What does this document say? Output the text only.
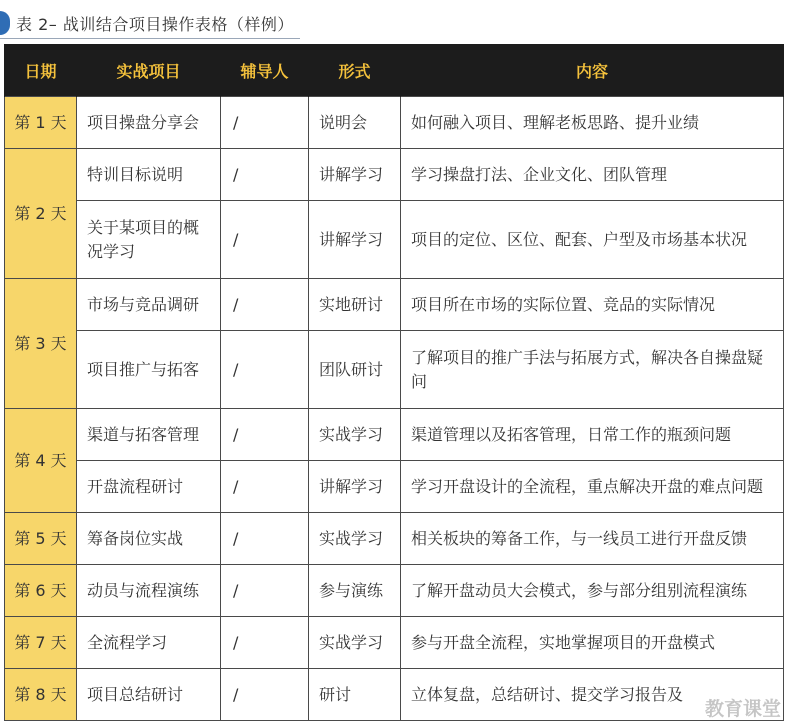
表 2– 战训结合项目操作表格（样例）
日期	实战项目	辅导人	形式	内容
第 1 天	项目操盘分享会	/	说明会	如何融入项目、理解老板思路、提升业绩
第 2 天	特训目标说明	/	讲解学习	学习操盘打法、企业文化、团队管理
	关于某项目的概况学习	/	讲解学习	项目的定位、区位、配套、户型及市场基本状况
第 3 天	市场与竞品调研	/	实地研讨	项目所在市场的实际位置、竞品的实际情况
	项目推广与拓客	/	团队研讨	了解项目的推广手法与拓展方式，解决各自操盘疑问
第 4 天	渠道与拓客管理	/	实战学习	渠道管理以及拓客管理，日常工作的瓶颈问题
	开盘流程研讨	/	讲解学习	学习开盘设计的全流程，重点解决开盘的难点问题
第 5 天	筹备岗位实战	/	实战学习	相关板块的筹备工作，与一线员工进行开盘反馈
第 6 天	动员与流程演练	/	参与演练	了解开盘动员大会模式，参与部分组别流程演练
第 7 天	全流程学习	/	实战学习	参与开盘全流程，实地掌握项目的开盘模式
第 8 天	项目总结研讨	/	研讨	立体复盘，总结研讨、提交学习报告及
教育课堂
